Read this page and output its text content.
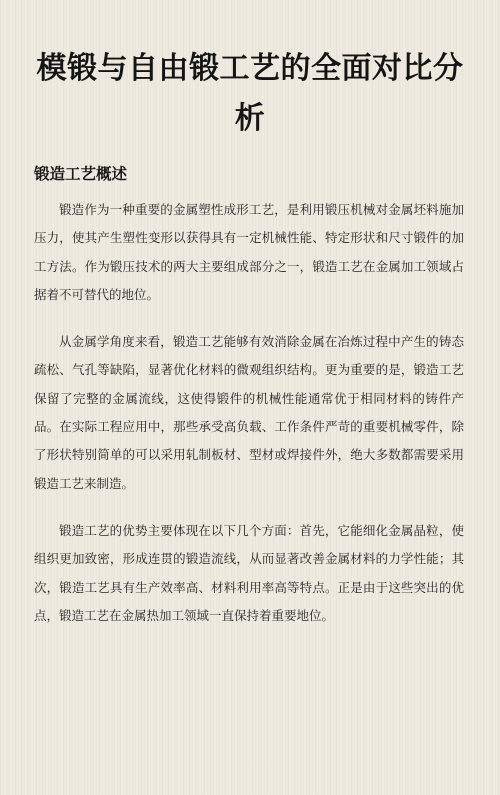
模锻与自由锻工艺的全面对比分析
锻造工艺概述

锻造作为一种重要的金属塑性成形工艺，是利用锻压机械对金属坯料施加压力，使其产生塑性变形以获得具有一定机械性能、特定形状和尺寸锻件的加工方法。作为锻压技术的两大主要组成部分之一，锻造工艺在金属加工领域占据着不可替代的地位。

从金属学角度来看，锻造工艺能够有效消除金属在冶炼过程中产生的铸态疏松、气孔等缺陷，显著优化材料的微观组织结构。更为重要的是，锻造工艺保留了完整的金属流线，这使得锻件的机械性能通常优于相同材料的铸件产品。在实际工程应用中，那些承受高负载、工作条件严苛的重要机械零件，除了形状特别简单的可以采用轧制板材、型材或焊接件外，绝大多数都需要采用锻造工艺来制造。

锻造工艺的优势主要体现在以下几个方面：首先，它能细化金属晶粒，使组织更加致密，形成连贯的锻造流线，从而显著改善金属材料的力学性能；其次，锻造工艺具有生产效率高、材料利用率高等特点。正是由于这些突出的优点，锻造工艺在金属热加工领域一直保持着重要地位。
